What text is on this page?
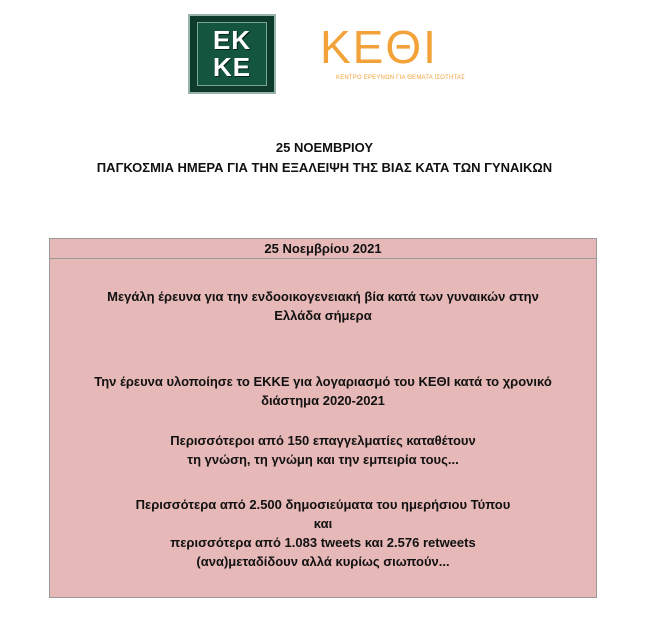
ΕΚ
ΚΕ ΚΕΘΙ
ΚΕΝΤΡΟ ΕΡΕΥΝΩΝ ΓΙΑ ΘΕΜΑΤΑ ΙΣΟΤΗΤΑΣ
25 ΝΟΕΜΒΡΙΟΥ
ΠΑΓΚΟΣΜΙΑ ΗΜΕΡΑ ΓΙΑ ΤΗΝ ΕΞΑΛΕΙΨΗ ΤΗΣ ΒΙΑΣ ΚΑΤΑ ΤΩΝ ΓΥΝΑΙΚΩΝ
25 Νοεμβρίου 2021
Μεγάλη έρευνα για την ενδοοικογενειακή βία κατά των γυναικών στην
Ελλάδα σήμερα
Την έρευνα υλοποίησε το ΕΚΚΕ για λογαριασμό του ΚΕΘΙ κατά το χρονικό
διάστημα 2020-2021
Περισσότεροι από 150 επαγγελματίες καταθέτουν
τη γνώση, τη γνώμη και την εμπειρία τους...
Περισσότερα από 2.500 δημοσιεύματα του ημερήσιου Τύπου
και
περισσότερα από 1.083 tweets και 2.576 retweets
(ανα)μεταδίδουν αλλά κυρίως σιωπούν...
